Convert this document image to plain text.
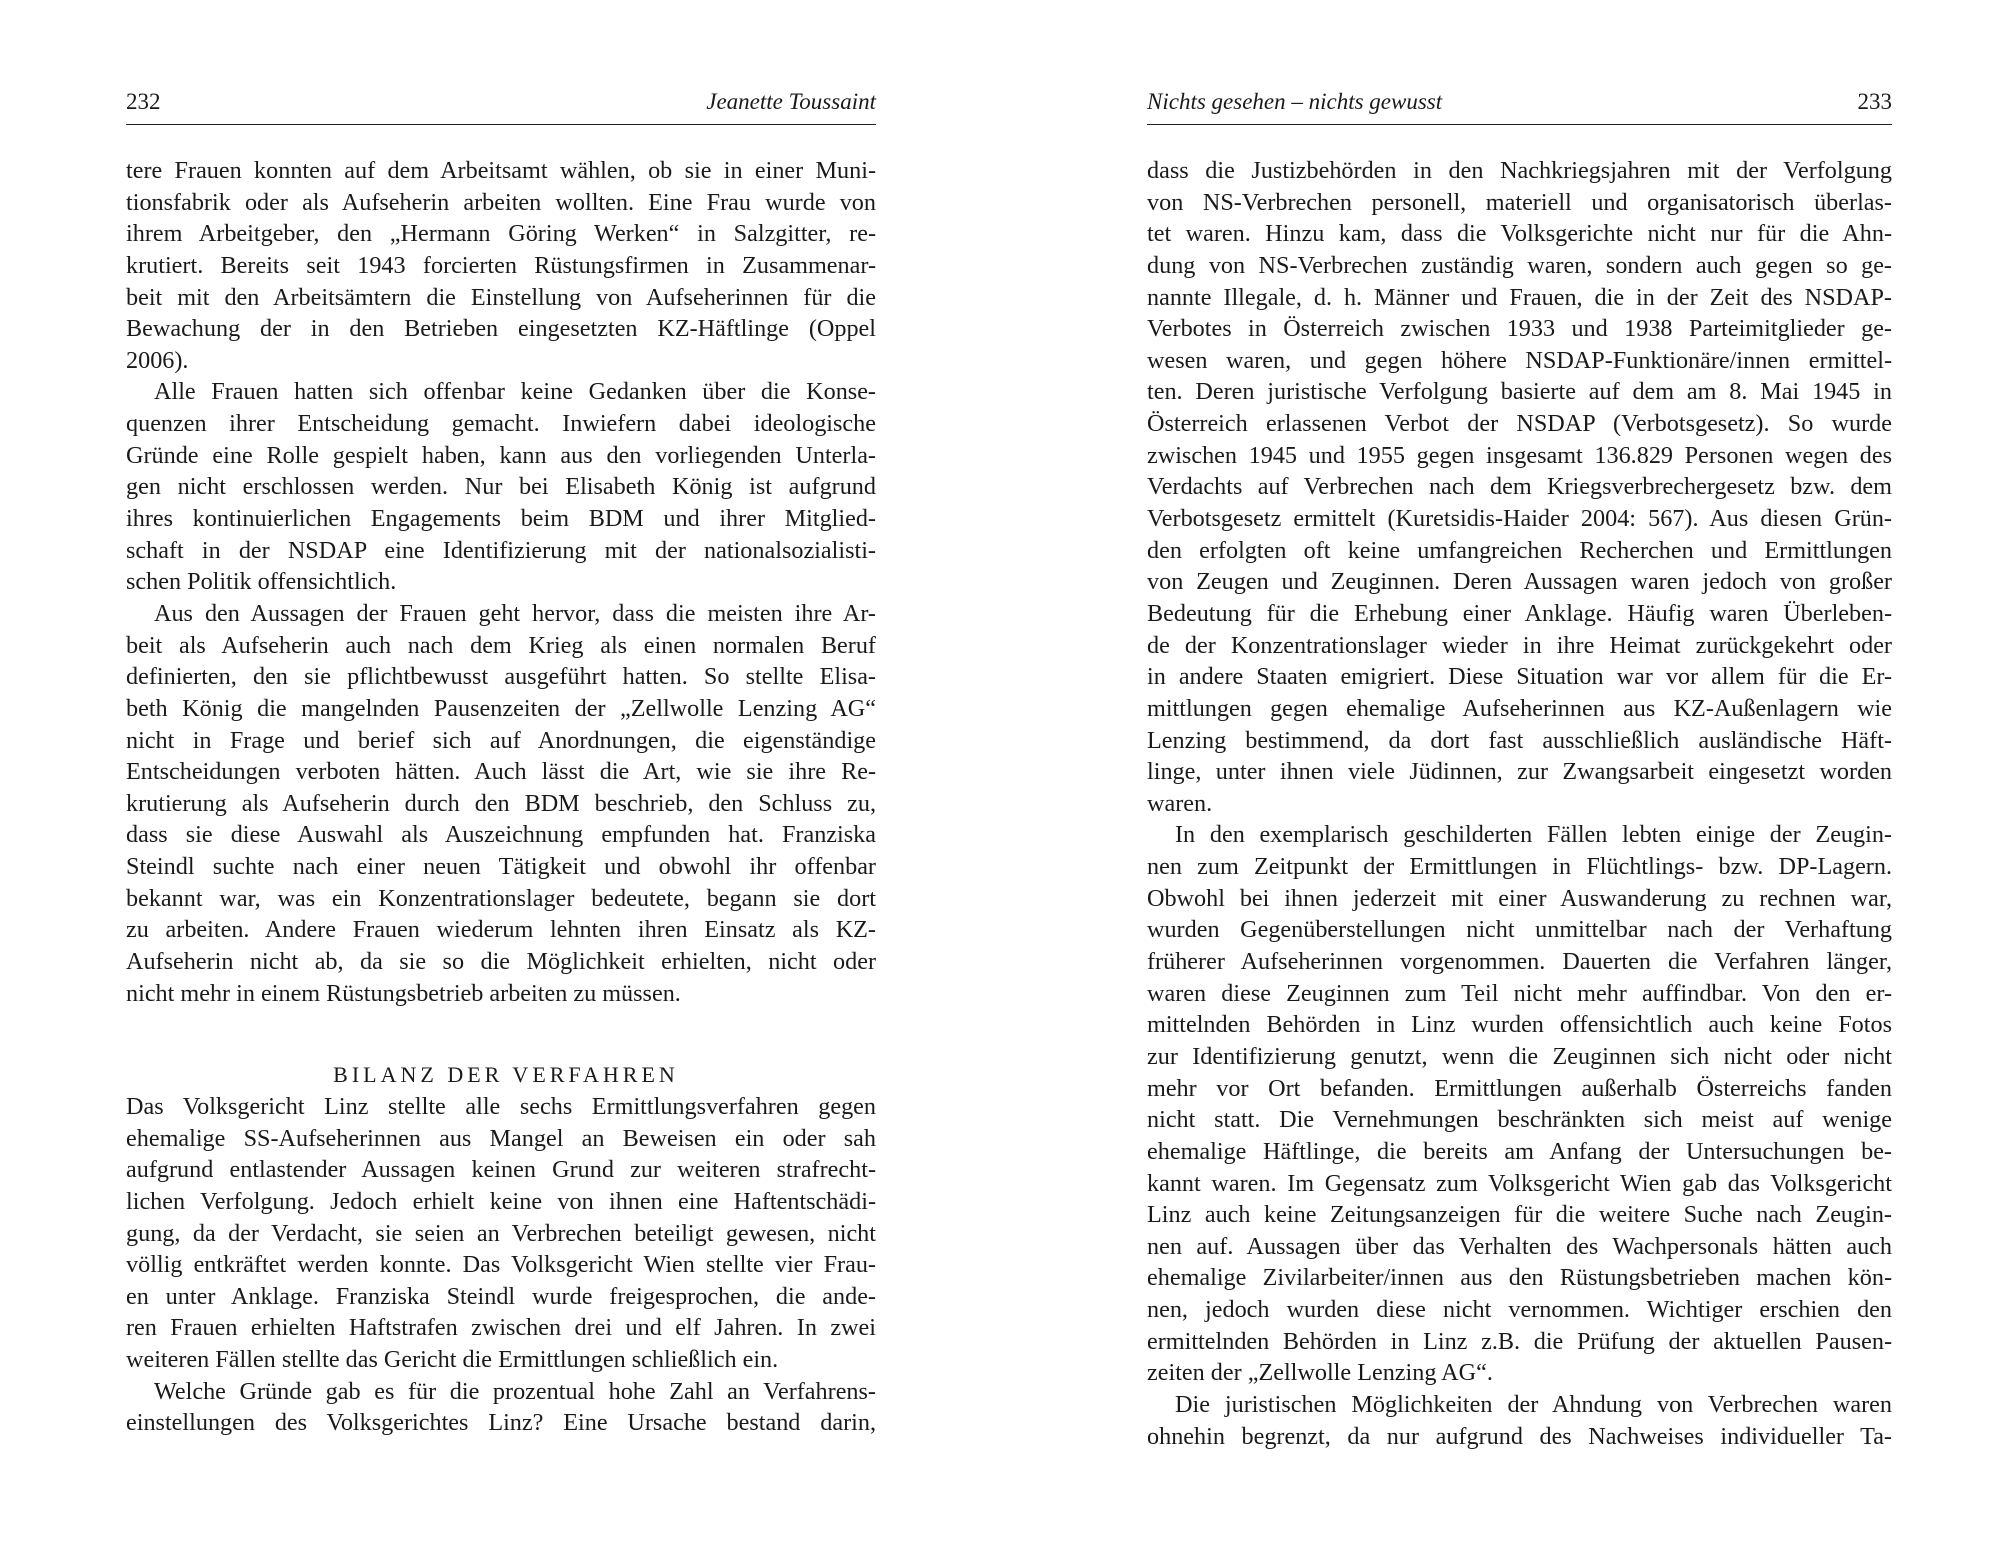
232	Jeanette Toussaint
tere Frauen konnten auf dem Arbeitsamt wählen, ob sie in einer Muni-
tionsfabrik oder als Aufseherin arbeiten wollten. Eine Frau wurde von
ihrem Arbeitgeber, den „Hermann Göring Werken“ in Salzgitter, re-
krutiert. Bereits seit 1943 forcierten Rüstungsfirmen in Zusammenar-
beit mit den Arbeitsämtern die Einstellung von Aufseherinnen für die
Bewachung der in den Betrieben eingesetzten KZ-Häftlinge (Oppel
2006).
Alle Frauen hatten sich offenbar keine Gedanken über die Konse-
quenzen ihrer Entscheidung gemacht. Inwiefern dabei ideologische
Gründe eine Rolle gespielt haben, kann aus den vorliegenden Unterla-
gen nicht erschlossen werden. Nur bei Elisabeth König ist aufgrund
ihres kontinuierlichen Engagements beim BDM und ihrer Mitglied-
schaft in der NSDAP eine Identifizierung mit der nationalsozialisti-
schen Politik offensichtlich.
Aus den Aussagen der Frauen geht hervor, dass die meisten ihre Ar-
beit als Aufseherin auch nach dem Krieg als einen normalen Beruf
definierten, den sie pflichtbewusst ausgeführt hatten. So stellte Elisa-
beth König die mangelnden Pausenzeiten der „Zellwolle Lenzing AG“
nicht in Frage und berief sich auf Anordnungen, die eigenständige
Entscheidungen verboten hätten. Auch lässt die Art, wie sie ihre Re-
krutierung als Aufseherin durch den BDM beschrieb, den Schluss zu,
dass sie diese Auswahl als Auszeichnung empfunden hat. Franziska
Steindl suchte nach einer neuen Tätigkeit und obwohl ihr offenbar
bekannt war, was ein Konzentrationslager bedeutete, begann sie dort
zu arbeiten. Andere Frauen wiederum lehnten ihren Einsatz als KZ-
Aufseherin nicht ab, da sie so die Möglichkeit erhielten, nicht oder
nicht mehr in einem Rüstungsbetrieb arbeiten zu müssen.
BILANZ DER VERFAHREN
Das Volksgericht Linz stellte alle sechs Ermittlungsverfahren gegen
ehemalige SS-Aufseherinnen aus Mangel an Beweisen ein oder sah
aufgrund entlastender Aussagen keinen Grund zur weiteren strafrecht-
lichen Verfolgung. Jedoch erhielt keine von ihnen eine Haftentschädi-
gung, da der Verdacht, sie seien an Verbrechen beteiligt gewesen, nicht
völlig entkräftet werden konnte. Das Volksgericht Wien stellte vier Frau-
en unter Anklage. Franziska Steindl wurde freigesprochen, die ande-
ren Frauen erhielten Haftstrafen zwischen drei und elf Jahren. In zwei
weiteren Fällen stellte das Gericht die Ermittlungen schließlich ein.
Welche Gründe gab es für die prozentual hohe Zahl an Verfahrens-
einstellungen des Volksgerichtes Linz? Eine Ursache bestand darin,
Nichts gesehen – nichts gewusst	233
dass die Justizbehörden in den Nachkriegsjahren mit der Verfolgung
von NS-Verbrechen personell, materiell und organisatorisch überlas-
tet waren. Hinzu kam, dass die Volksgerichte nicht nur für die Ahn-
dung von NS-Verbrechen zuständig waren, sondern auch gegen so ge-
nannte Illegale, d. h. Männer und Frauen, die in der Zeit des NSDAP-
Verbotes in Österreich zwischen 1933 und 1938 Parteimitglieder ge-
wesen waren, und gegen höhere NSDAP-Funktionäre/innen ermittel-
ten. Deren juristische Verfolgung basierte auf dem am 8. Mai 1945 in
Österreich erlassenen Verbot der NSDAP (Verbotsgesetz). So wurde
zwischen 1945 und 1955 gegen insgesamt 136.829 Personen wegen des
Verdachts auf Verbrechen nach dem Kriegsverbrechergesetz bzw. dem
Verbotsgesetz ermittelt (Kuretsidis-Haider 2004: 567). Aus diesen Grün-
den erfolgten oft keine umfangreichen Recherchen und Ermittlungen
von Zeugen und Zeuginnen. Deren Aussagen waren jedoch von großer
Bedeutung für die Erhebung einer Anklage. Häufig waren Überleben-
de der Konzentrationslager wieder in ihre Heimat zurückgekehrt oder
in andere Staaten emigriert. Diese Situation war vor allem für die Er-
mittlungen gegen ehemalige Aufseherinnen aus KZ-Außenlagern wie
Lenzing bestimmend, da dort fast ausschließlich ausländische Häft-
linge, unter ihnen viele Jüdinnen, zur Zwangsarbeit eingesetzt worden
waren.
In den exemplarisch geschilderten Fällen lebten einige der Zeugin-
nen zum Zeitpunkt der Ermittlungen in Flüchtlings- bzw. DP-Lagern.
Obwohl bei ihnen jederzeit mit einer Auswanderung zu rechnen war,
wurden Gegenüberstellungen nicht unmittelbar nach der Verhaftung
früherer Aufseherinnen vorgenommen. Dauerten die Verfahren länger,
waren diese Zeuginnen zum Teil nicht mehr auffindbar. Von den er-
mittelnden Behörden in Linz wurden offensichtlich auch keine Fotos
zur Identifizierung genutzt, wenn die Zeuginnen sich nicht oder nicht
mehr vor Ort befanden. Ermittlungen außerhalb Österreichs fanden
nicht statt. Die Vernehmungen beschränkten sich meist auf wenige
ehemalige Häftlinge, die bereits am Anfang der Untersuchungen be-
kannt waren. Im Gegensatz zum Volksgericht Wien gab das Volksgericht
Linz auch keine Zeitungsanzeigen für die weitere Suche nach Zeugin-
nen auf. Aussagen über das Verhalten des Wachpersonals hätten auch
ehemalige Zivilarbeiter/innen aus den Rüstungsbetrieben machen kön-
nen, jedoch wurden diese nicht vernommen. Wichtiger erschien den
ermittelnden Behörden in Linz z.B. die Prüfung der aktuellen Pausen-
zeiten der „Zellwolle Lenzing AG“.
Die juristischen Möglichkeiten der Ahndung von Verbrechen waren
ohnehin begrenzt, da nur aufgrund des Nachweises individueller Ta-
